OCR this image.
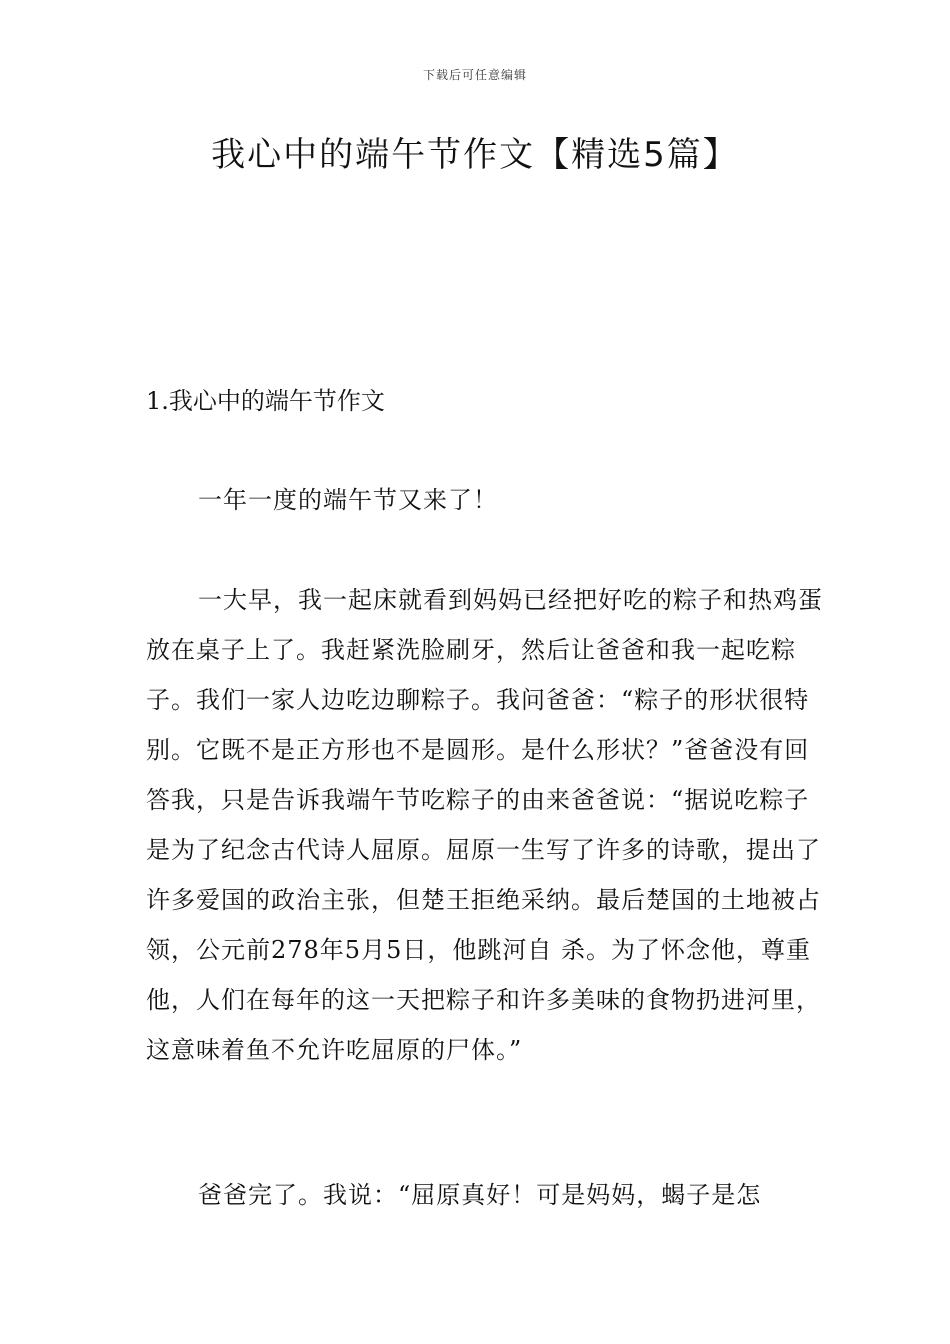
下载后可任意编辑
我心中的端午节作文【精选5篇】
1.我心中的端午节作文

一年一度的端午节又来了！

一大早，我一起床就看到妈妈已经把好吃的粽子和热鸡蛋放在桌子上了。我赶紧洗脸刷牙，然后让爸爸和我一起吃粽子。我们一家人边吃边聊粽子。我问爸爸：“粽子的形状很特别。它既不是正方形也不是圆形。是什么形状？”爸爸没有回答我，只是告诉我端午节吃粽子的由来爸爸说：“据说吃粽子是为了纪念古代诗人屈原。屈原一生写了许多的诗歌，提出了许多爱国的政治主张，但楚王拒绝采纳。最后楚国的土地被占领，公元前278年5月5日，他跳河自 杀。为了怀念他，尊重他，人们在每年的这一天把粽子和许多美味的食物扔进河里，这意味着鱼不允许吃屈原的尸体。”

爸爸完了。我说：“屈原真好！可是妈妈，蝎子是怎
